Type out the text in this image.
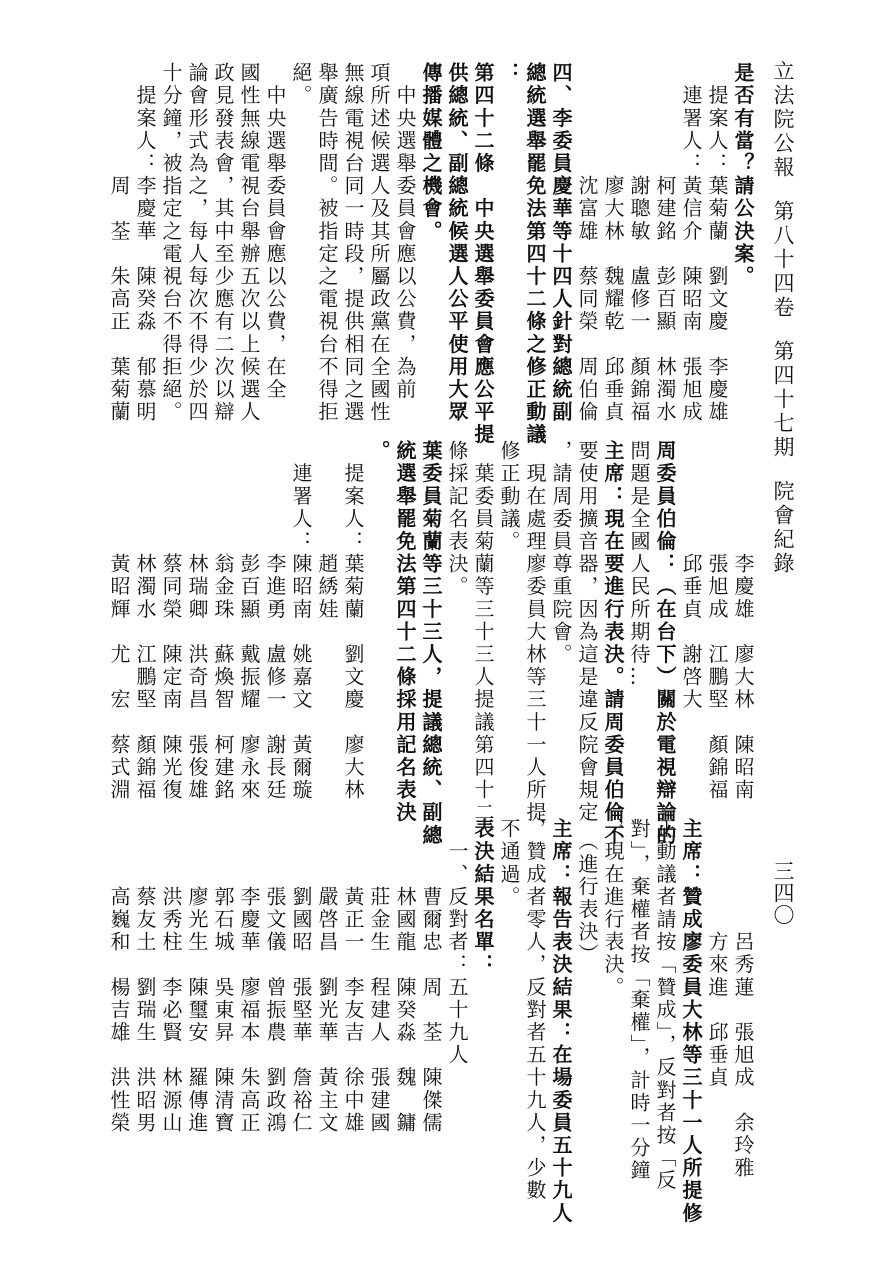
立法院公報第八十四卷第四十七期院會紀錄
三四〇
是否有當？請公決案。
　提案人：葉菊蘭　劉文慶　李慶雄
　連署人：黃信介　陳昭南　張旭成
　　　　　柯建銘　彭百顯　林濁水
　　　　　謝聰敏　盧修一　顏錦福
　　　　　廖大林　魏耀乾　邱垂貞
　　　　　沈富雄　蔡同榮　周伯倫
四、李委員慶華等十四人針對總統副
總統選舉罷免法第四十二條之修正動議
：
第四十二條　中央選舉委員會應公平提
供總統、副總統候選人公平使用大眾
傳播媒體之機會。
　中央選舉委員會應以公費，為前
項所述候選人及其所屬政黨在全國性
無線電視台同一時段，提供相同之選
舉廣告時間。被指定之電視台不得拒
絕。
　中央選舉委員會應以公費，在全
國性無線電視台舉辦五次以上候選人
政見發表會，其中至少應有二次以辯
論會形式為之，每人每次不得少於四
十分鐘，被指定之電視台不得拒絕。
　提案人：李慶華　陳癸淼　郁慕明
　　　　　周　荃　朱高正　葉菊蘭
　　　　　李慶雄　廖大林　陳昭南
　　　　　張旭成　江鵬堅　顏錦福
　　　　　邱垂貞　謝啓大
周委員伯倫：（在台下）關於電視辯論的
問題是全國人民所期待…
主席：現在要進行表決。請周委員伯倫不
要使用擴音器，因為這是違反院會規定
，請周委員尊重院會。
　現在處理廖委員大林等三十一人所提
修正動議。
　葉委員菊蘭等三十三人提議第四十二
條採記名表決。
葉委員菊蘭等三十三人，提議總統、副總
統選舉罷免法第四十二條採用記名表決
。
　提案人：葉菊蘭　劉文慶　廖大林
　　　　　趙綉娃
　連署人：陳昭南　姚嘉文　黃爾璇
　　　　　李進勇　盧修一　謝長廷
　　　　　彭百顯　戴振耀　廖永來
　　　　　翁金珠　蘇煥智　柯建銘
　　　　　林瑞卿　洪奇昌　張俊雄
　　　　　蔡同榮　陳定南　陳光復
　　　　　林濁水　江鵬堅　顏錦福
　　　　　黃昭輝　尤　宏　蔡式淵
　　　　　呂秀蓮　張旭成　余玲雅
　　　　　方來進　邱垂貞
主席：贊成廖委員大林等三十一人所提修
正動議者請按「贊成」，反對者按「反
對」，棄權者按「棄權」，計時一分鐘
，現在進行表決。
　（進行表決）
主席：報告表決結果：在場委員五十九人
，贊成者零人，反對者五十九人，少數
不通過。
表決結果名單：
　一、反對者：五十九人
　　　曹爾忠　周　荃　陳傑儒
　　　林國龍　陳癸淼　魏　鏞
　　　莊金生　程建人　張建國
　　　黃正一　李友吉　徐中雄
　　　嚴啓昌　劉光華　黃主文
　　　劉國昭　張堅華　詹裕仁
　　　張文儀　曾振農　劉政鴻
　　　李慶華　廖福本　朱高正
　　　郭石城　吳東昇　陳清寶
　　　廖光生　陳璽安　羅傳進
　　　洪秀柱　李必賢　林源山
　　　蔡友土　劉瑞生　洪昭男
　　　高巍和　楊吉雄　洪性榮
